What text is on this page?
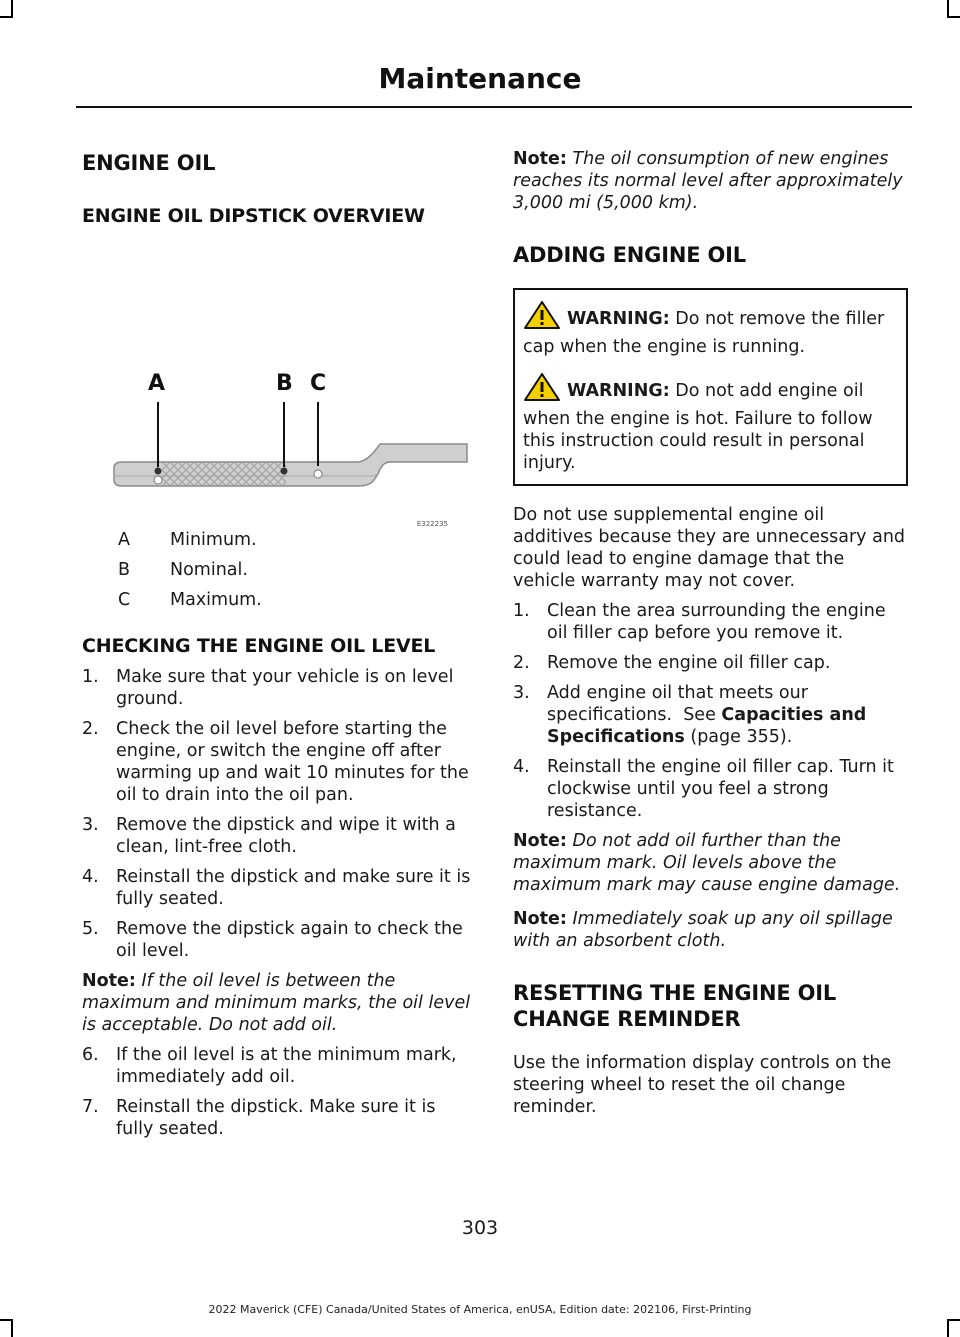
Maintenance
ENGINE OIL
ENGINE OIL DIPSTICK OVERVIEW
A	B C
E322235
A	Minimum.
B	Nominal.
C	Maximum.
CHECKING THE ENGINE OIL LEVEL
1. Make sure that your vehicle is on level ground.
2. Check the oil level before starting the engine, or switch the engine off after warming up and wait 10 minutes for the oil to drain into the oil pan.
3. Remove the dipstick and wipe it with a clean, lint-free cloth.
4. Reinstall the dipstick and make sure it is fully seated.
5. Remove the dipstick again to check the oil level.

Note: If the oil level is between the maximum and minimum marks, the oil level is acceptable. Do not add oil.

6. If the oil level is at the minimum mark, immediately add oil.
7. Reinstall the dipstick. Make sure it is fully seated.

Note: The oil consumption of new engines reaches its normal level after approximately 3,000 mi (5,000 km).

ADDING ENGINE OIL

WARNING: Do not remove the filler cap when the engine is running.

WARNING: Do not add engine oil when the engine is hot. Failure to follow this instruction could result in personal injury.

Do not use supplemental engine oil additives because they are unnecessary and could lead to engine damage that the vehicle warranty may not cover.

1. Clean the area surrounding the engine oil filler cap before you remove it.
2. Remove the engine oil filler cap.
3. Add engine oil that meets our specifications. See Capacities and Specifications (page 355).
4. Reinstall the engine oil filler cap. Turn it clockwise until you feel a strong resistance.

Note: Do not add oil further than the maximum mark. Oil levels above the maximum mark may cause engine damage.

Note: Immediately soak up any oil spillage with an absorbent cloth.

RESETTING THE ENGINE OIL CHANGE REMINDER

Use the information display controls on the steering wheel to reset the oil change reminder.

303
2022 Maverick (CFE) Canada/United States of America, enUSA, Edition date: 202106, First-Printing
